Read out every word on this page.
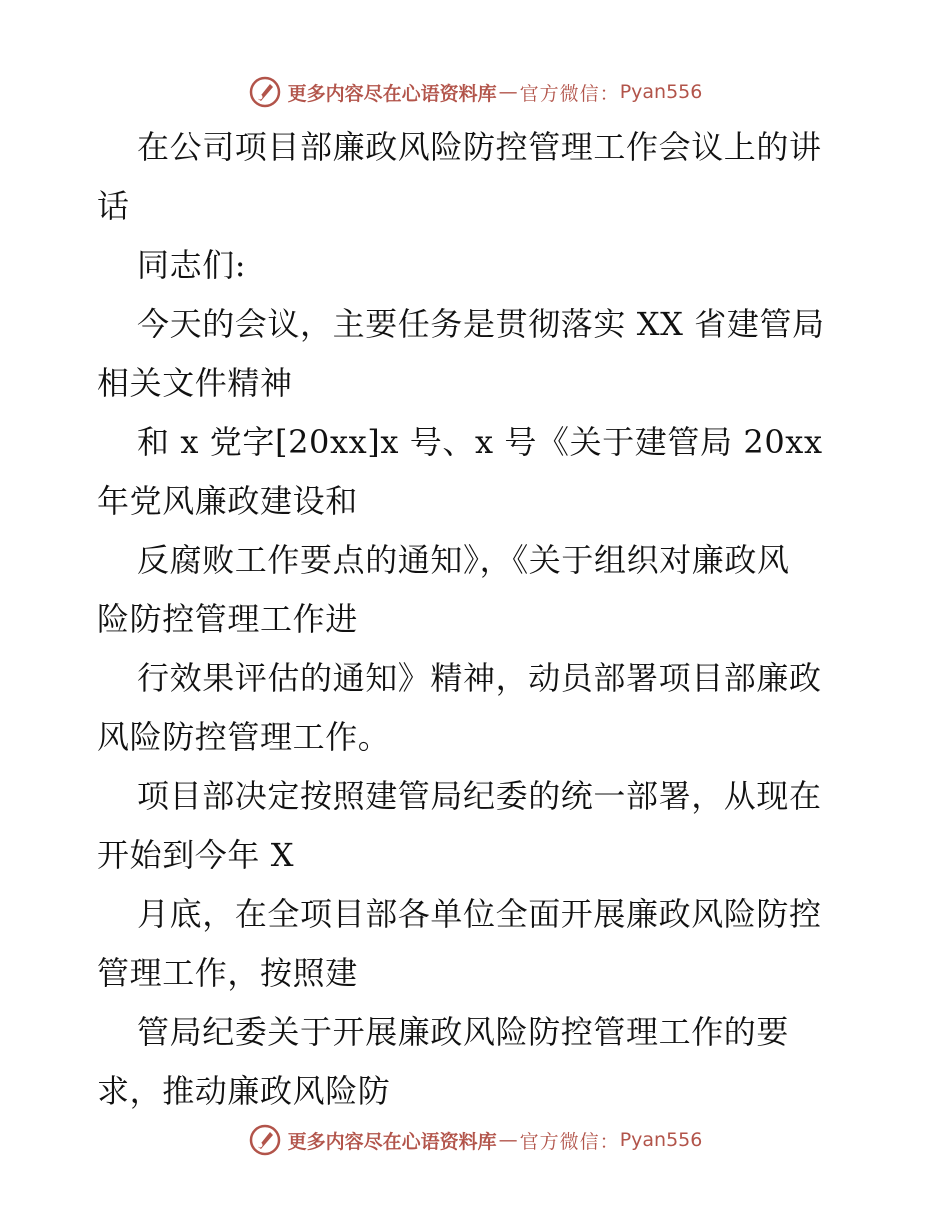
更多内容尽在心语资料库 — 官方微信： Pyan556
在公司项目部廉政风险防控管理工作会议上的讲
话
同志们:
今天的会议，主要任务是贯彻落实 XX 省建管局
相关文件精神
和 x 党字[20xx]x 号、x 号《关于建管局 20xx
年党风廉政建设和
反腐败工作要点的通知》，《关于组织对廉政风
险防控管理工作进
行效果评估的通知》精神，动员部署项目部廉政
风险防控管理工作。
项目部决定按照建管局纪委的统一部署，从现在
开始到今年 X
月底，在全项目部各单位全面开展廉政风险防控
管理工作，按照建
管局纪委关于开展廉政风险防控管理工作的要
求，推动廉政风险防
更多内容尽在心语资料库 — 官方微信： Pyan556
